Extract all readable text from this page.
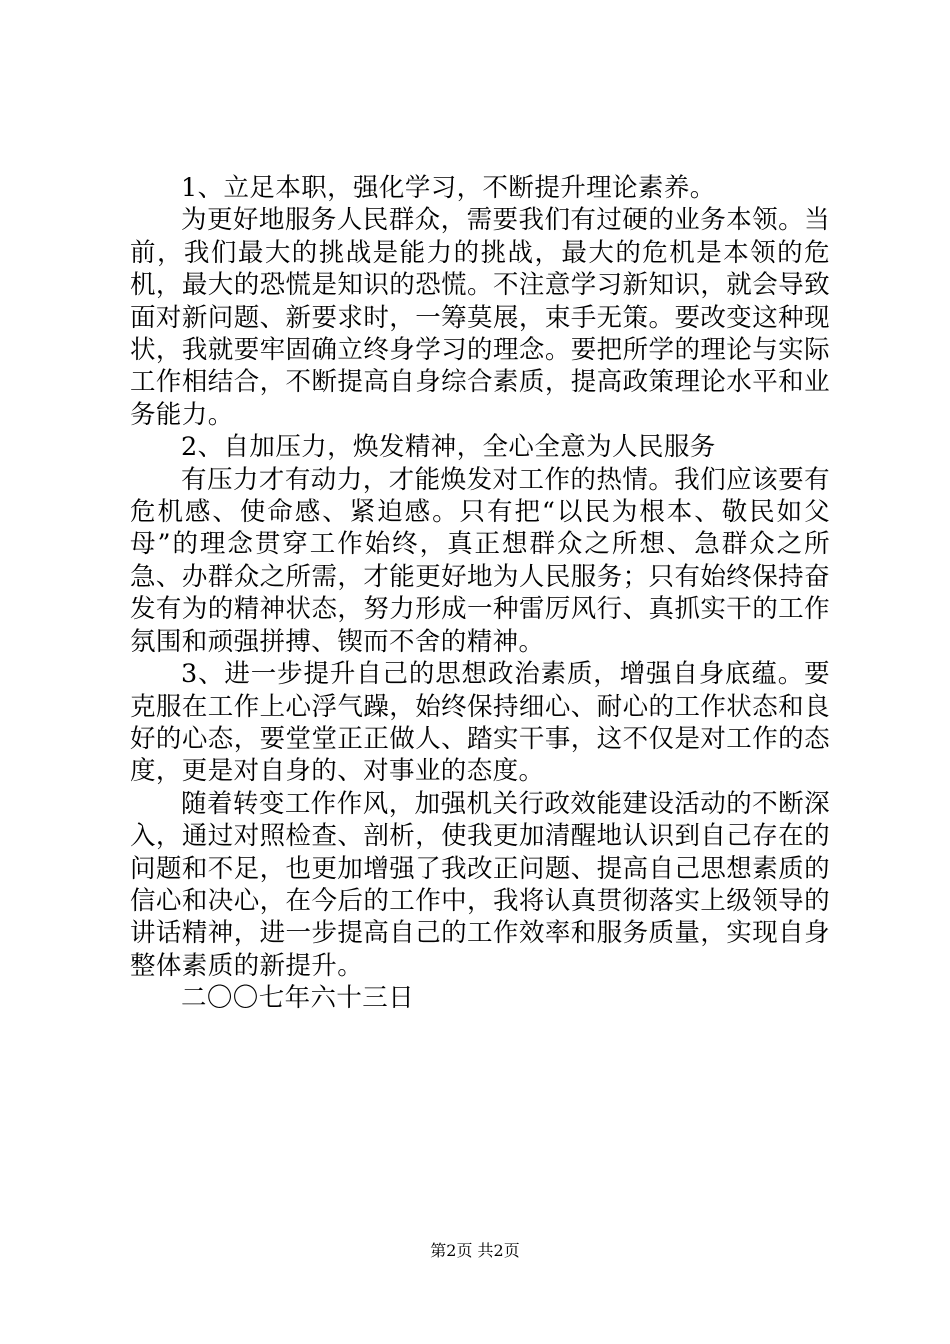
1、立足本职，强化学习，不断提升理论素养。

为更好地服务人民群众，需要我们有过硬的业务本领。当前，我们最大的挑战是能力的挑战，最大的危机是本领的危机，最大的恐慌是知识的恐慌。不注意学习新知识，就会导致面对新问题、新要求时，一筹莫展，束手无策。要改变这种现状，我就要牢固确立终身学习的理念。要把所学的理论与实际工作相结合，不断提高自身综合素质，提高政策理论水平和业务能力。

2、自加压力，焕发精神，全心全意为人民服务

有压力才有动力，才能焕发对工作的热情。我们应该要有危机感、使命感、紧迫感。只有把“以民为根本、敬民如父母”的理念贯穿工作始终，真正想群众之所想、急群众之所急、办群众之所需，才能更好地为人民服务；只有始终保持奋发有为的精神状态，努力形成一种雷厉风行、真抓实干的工作氛围和顽强拼搏、锲而不舍的精神。

3、进一步提升自己的思想政治素质，增强自身底蕴。要克服在工作上心浮气躁，始终保持细心、耐心的工作状态和良好的心态，要堂堂正正做人、踏实干事，这不仅是对工作的态度，更是对自身的、对事业的态度。

随着转变工作作风，加强机关行政效能建设活动的不断深入，通过对照检查、剖析，使我更加清醒地认识到自己存在的问题和不足，也更加增强了我改正问题、提高自己思想素质的信心和决心，在今后的工作中，我将认真贯彻落实上级领导的讲话精神，进一步提高自己的工作效率和服务质量，实现自身整体素质的新提升。

二〇〇七年六十三日

第2页 共2页
